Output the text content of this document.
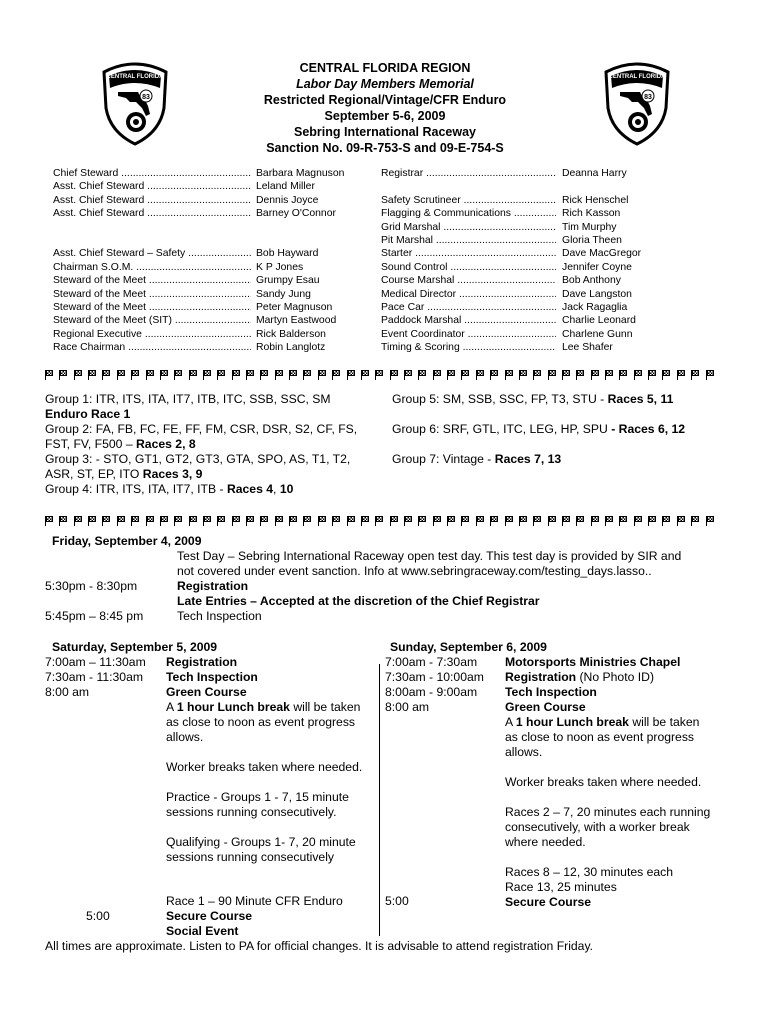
CENTRAL FLORIDA
83
CENTRAL FLORIDA
83
CENTRAL FLORIDA REGION
Labor Day Members Memorial
Restricted Regional/Vintage/CFR Enduro
September 5-6, 2009
Sebring International Raceway
Sanction No. 09-R-753-S and 09-E-754-S
Chief Steward .....	Barbara Magnuson
Asst. Chief Steward .....	Leland Miller
Asst. Chief Steward .....	Dennis Joyce
Asst. Chief Steward .....	Barney O'Connor
Asst. Chief Steward – Safety .....	Bob Hayward
Chairman S.O.M. .....	K P Jones
Steward of the Meet .....	Grumpy Esau
Steward of the Meet .....	Sandy Jung
Steward of the Meet .....	Peter Magnuson
Steward of the Meet (SIT) .....	Martyn Eastwood
Regional Executive .....	Rick Balderson
Race Chairman .....	Robin Langlotz
Registrar .....	Deanna Harry
Safety Scrutineer .....	Rick Henschel
Flagging & Communications .....	Rich Kasson
Grid Marshal .....	Tim Murphy
Pit Marshal .....	Gloria Theen
Starter .....	Dave MacGregor
Sound Control .....	Jennifer Coyne
Course Marshal .....	Bob Anthony
Medical Director .....	Dave Langston
Pace Car .....	Jack Ragaglia
Paddock Marshal .....	Charlie Leonard
Event Coordinator .....	Charlene Gunn
Timing & Scoring .....	Lee Shafer
Group 1: ITR, ITS, ITA, IT7, ITB, ITC, SSB, SSC, SM
Enduro Race 1
Group 2: FA, FB, FC, FE, FF, FM, CSR, DSR, S2, CF, FS,
FST, FV, F500 – Races 2, 8
Group 3: - STO, GT1, GT2, GT3, GTA, SPO, AS, T1, T2,
ASR, ST, EP, ITO Races 3, 9
Group 4: ITR, ITS, ITA, IT7, ITB - Races 4, 10
Group 5: SM, SSB, SSC, FP, T3, STU - Races 5, 11
Group 6: SRF, GTL, ITC, LEG, HP, SPU - Races 6, 12
Group 7: Vintage - Races 7, 13
Friday, September 4, 2009
Test Day – Sebring International Raceway open test day. This test day is provided by SIR and
not covered under event sanction. Info at www.sebringraceway.com/testing_days.lasso..
5:30pm - 8:30pm	Registration
Late Entries – Accepted at the discretion of the Chief Registrar
5:45pm – 8:45 pm	Tech Inspection
Saturday, September 5, 2009
7:00am – 11:30am Registration
7:30am - 11:30am Tech Inspection
8:00 am	Green Course
A 1 hour Lunch break will be taken
as close to noon as event progress
allows.
Worker breaks taken where needed.
Practice - Groups 1 - 7, 15 minute
sessions running consecutively.
Qualifying - Groups 1- 7, 20 minute
sessions running consecutively
Race 1 – 90 Minute CFR Enduro
5:00	Secure Course
Social Event
Sunday, September 6, 2009
7:00am - 7:30am Motorsports Ministries Chapel
7:30am - 10:00am Registration (No Photo ID)
8:00am - 9:00am Tech Inspection
8:00 am	Green Course
A 1 hour Lunch break will be taken
as close to noon as event progress
allows.
Worker breaks taken where needed.
Races 2 – 7, 20 minutes each running
consecutively, with a worker break
where needed.
Races 8 – 12, 30 minutes each
Race 13, 25 minutes
5:00	Secure Course
All times are approximate. Listen to PA for official changes. It is advisable to attend registration Friday.
